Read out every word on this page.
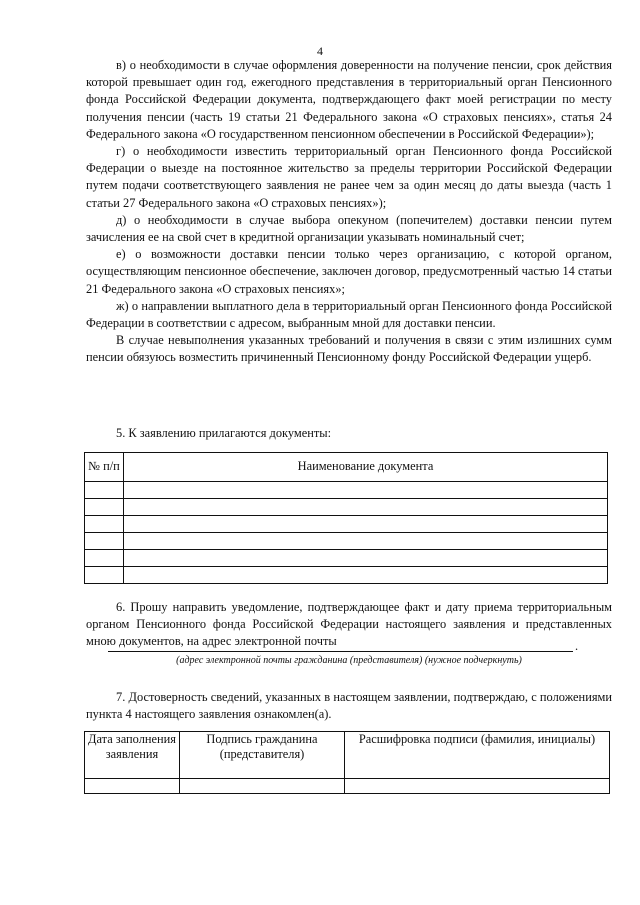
4

в) о необходимости в случае оформления доверенности на получение пенсии, срок действия которой превышает один год, ежегодного представления в территориальный орган Пенсионного фонда Российской Федерации документа, подтверждающего факт моей регистрации по месту получения пенсии (часть 19 статьи 21 Федерального закона «О страховых пенсиях», статья 24 Федерального закона «О государственном пенсионном обеспечении в Российской Федерации»);

г) о необходимости известить территориальный орган Пенсионного фонда Российской Федерации о выезде на постоянное жительство за пределы территории Российской Федерации путем подачи соответствующего заявления не ранее чем за один месяц до даты выезда (часть 1 статьи 27 Федерального закона «О страховых пенсиях»);

д) о необходимости в случае выбора опекуном (попечителем) доставки пенсии путем зачисления ее на свой счет в кредитной организации указывать номинальный счет;

е) о возможности доставки пенсии только через организацию, с которой органом, осуществляющим пенсионное обеспечение, заключен договор, предусмотренный частью 14 статьи 21 Федерального закона «О страховых пенсиях»;

ж) о направлении выплатного дела в территориальный орган Пенсионного фонда Российской Федерации в соответствии с адресом, выбранным мной для доставки пенсии.

В случае невыполнения указанных требований и получения в связи с этим излишних сумм пенсии обязуюсь возместить причиненный Пенсионному фонду Российской Федерации ущерб.

5. К заявлению прилагаются документы:

№ п/п	Наименование документа

6. Прошу направить уведомление, подтверждающее факт и дату приема территориальным органом Пенсионного фонда Российской Федерации настоящего заявления и представленных мною документов, на адрес электронной почты	.
(адрес электронной почты гражданина (представителя) (нужное подчеркнуть)

7. Достоверность сведений, указанных в настоящем заявлении, подтверждаю, с положениями пункта 4 настоящего заявления ознакомлен(а).

Дата заполнения заявления	Подпись гражданина (представителя)	Расшифровка подписи (фамилия, инициалы)
